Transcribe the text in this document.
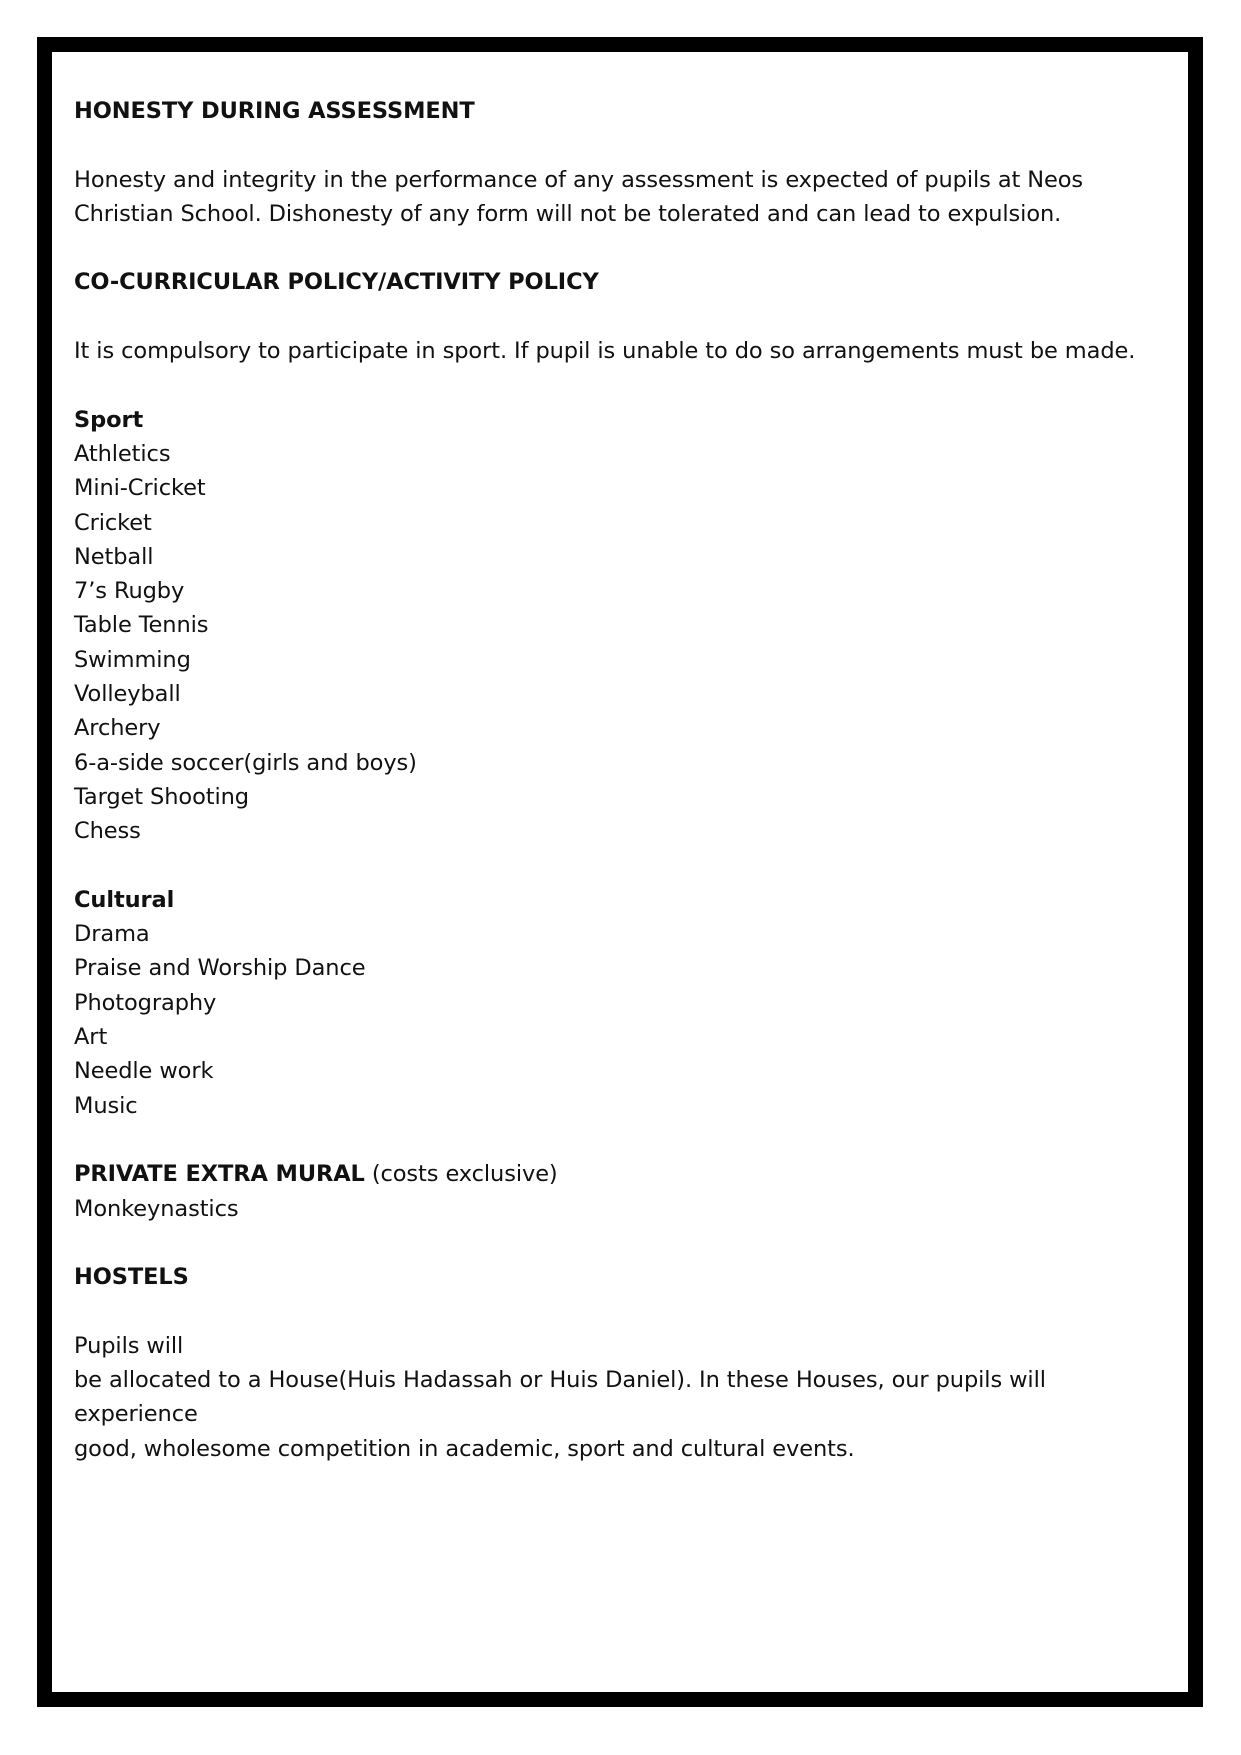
HONESTY DURING ASSESSMENT
Honesty and integrity in the performance of any assessment is expected of pupils at Neos
Christian School. Dishonesty of any form will not be tolerated and can lead to expulsion.
CO-CURRICULAR POLICY/ACTIVITY POLICY
It is compulsory to participate in sport. If pupil is unable to do so arrangements must be made.
Sport
Athletics
Mini-Cricket
Cricket
Netball
7’s Rugby
Table Tennis
Swimming
Volleyball
Archery
6-a-side soccer(girls and boys)
Target Shooting
Chess
Cultural
Drama
Praise and Worship Dance
Photography
Art
Needle work
Music
PRIVATE EXTRA MURAL (costs exclusive)
Monkeynastics
HOSTELS
Pupils will
be allocated to a House(Huis Hadassah or Huis Daniel). In these Houses, our pupils will
experience
good, wholesome competition in academic, sport and cultural events.
